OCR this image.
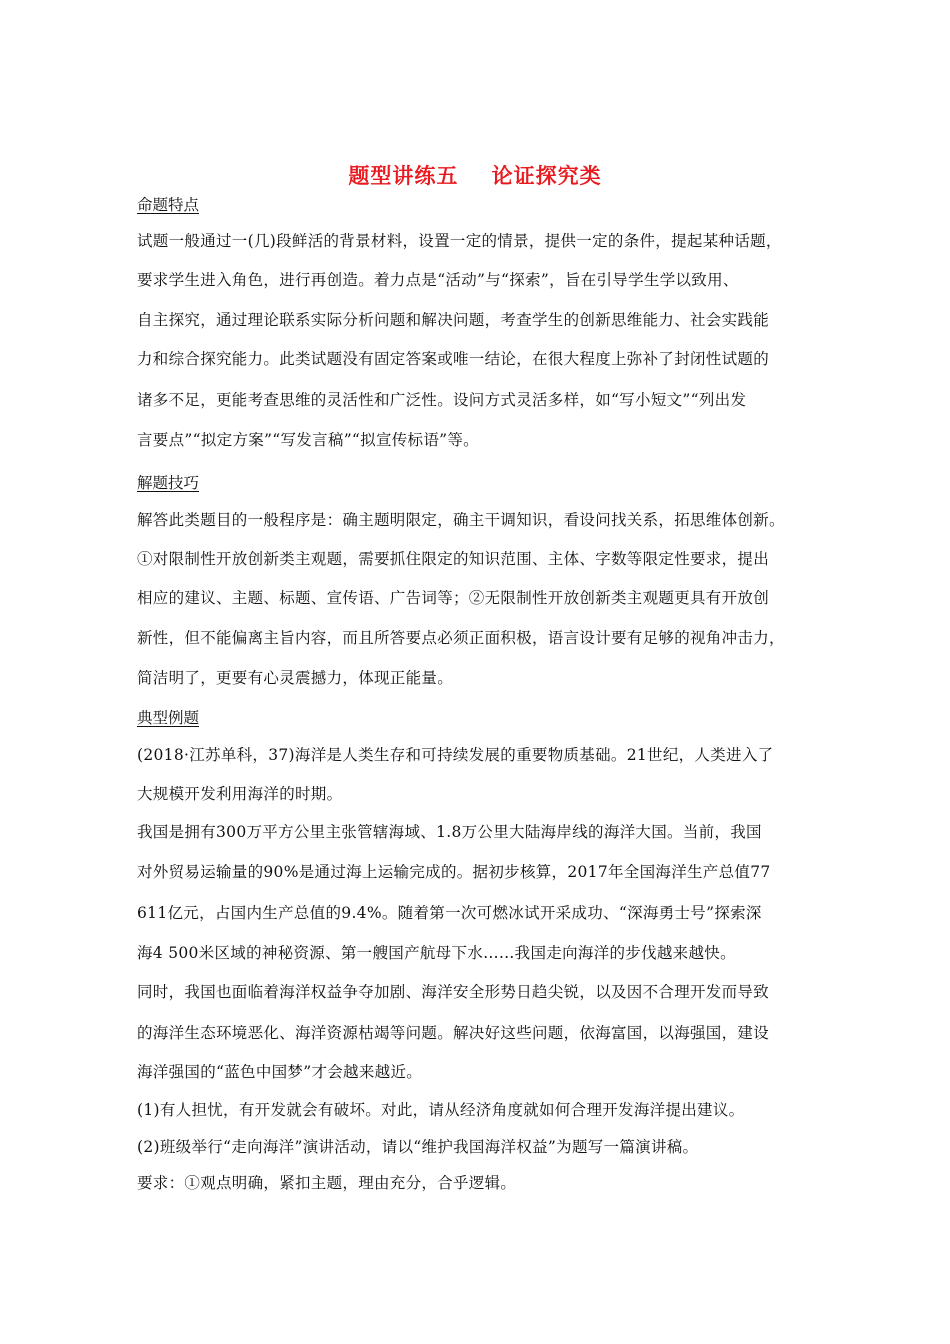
题型讲练五    论证探究类
命题特点
试题一般通过一(几)段鲜活的背景材料，设置一定的情景，提供一定的条件，提起某种话题，
要求学生进入角色，进行再创造。着力点是“活动”与“探索”，旨在引导学生学以致用、
自主探究，通过理论联系实际分析问题和解决问题，考查学生的创新思维能力、社会实践能
力和综合探究能力。此类试题没有固定答案或唯一结论，在很大程度上弥补了封闭性试题的
诸多不足，更能考查思维的灵活性和广泛性。设问方式灵活多样，如“写小短文”“列出发
言要点”“拟定方案”“写发言稿”“拟宣传标语”等。
解题技巧
解答此类题目的一般程序是：确主题明限定，确主干调知识，看设问找关系，拓思维体创新。
①对限制性开放创新类主观题，需要抓住限定的知识范围、主体、字数等限定性要求，提出
相应的建议、主题、标题、宣传语、广告词等；②无限制性开放创新类主观题更具有开放创
新性，但不能偏离主旨内容，而且所答要点必须正面积极，语言设计要有足够的视角冲击力，
简洁明了，更要有心灵震撼力，体现正能量。
典型例题
(2018·江苏单科，37)海洋是人类生存和可持续发展的重要物质基础。21世纪，人类进入了
大规模开发利用海洋的时期。
我国是拥有300万平方公里主张管辖海域、1.8万公里大陆海岸线的海洋大国。当前，我国
对外贸易运输量的90%是通过海上运输完成的。据初步核算，2017年全国海洋生产总值77
611亿元，占国内生产总值的9.4%。随着第一次可燃冰试开采成功、“深海勇士号”探索深
海4 500米区域的神秘资源、第一艘国产航母下水……我国走向海洋的步伐越来越快。
同时，我国也面临着海洋权益争夺加剧、海洋安全形势日趋尖锐，以及因不合理开发而导致
的海洋生态环境恶化、海洋资源枯竭等问题。解决好这些问题，依海富国，以海强国，建设
海洋强国的“蓝色中国梦”才会越来越近。
(1)有人担忧，有开发就会有破坏。对此，请从经济角度就如何合理开发海洋提出建议。
(2)班级举行“走向海洋”演讲活动，请以“维护我国海洋权益”为题写一篇演讲稿。
要求：①观点明确，紧扣主题，理由充分，合乎逻辑。
